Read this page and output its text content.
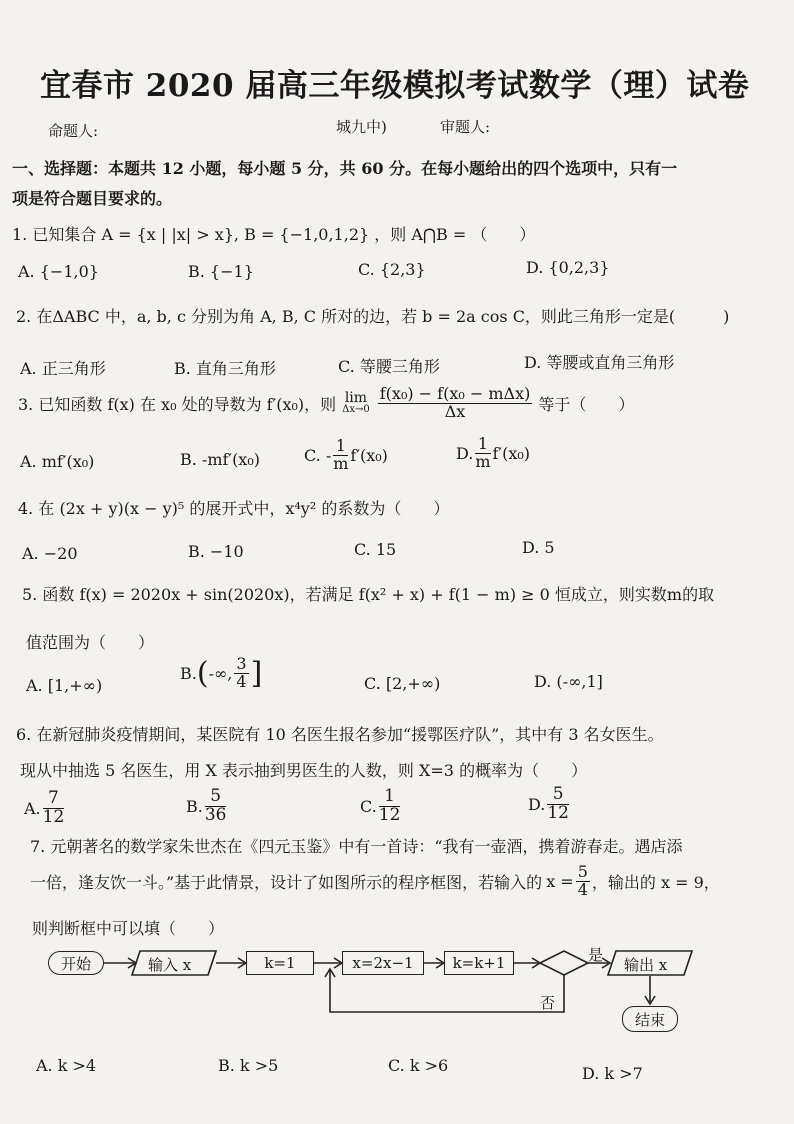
宜春市 2020 届高三年级模拟考试数学（理）试卷
命题人:	城九中)	审题人:
一、选择题：本题共 12 小题，每小题 5 分，共 60 分。在每小题给出的四个选项中，只有一
项是符合题目要求的。
1. 已知集合 A = {x | |x| > x}, B = {−1,0,1,2} ，则 A⋂B = （　　）
A. {−1,0}	B. {−1}	C. {2,3}	D. {0,2,3}
2. 在ΔABC 中，a, b, c 分别为角 A, B, C 所对的边，若 b = 2a cos C，则此三角形一定是(　　　)
A. 正三角形	B. 直角三角形	C. 等腰三角形	D. 等腰或直角三角形
3. 已知函数 f(x) 在 x₀ 处的导数为 f′(x₀)，则 lim
$\Delta x\to 0 \frac{\text{f(x₀) − f(x₀ − mΔx)}}{\Delta x}$ 等于（　　）
A. mf′(x₀)	B. -mf′(x₀)	C. - $\frac{1}{m} f'(x_0)$	D. $\frac{1}{m} f'(x_0)$
4. 在 (2x + y)(x − y)⁵ 的展开式中，x⁴y² 的系数为（　　）
A. −20	B. −10	C. 15	D. 5
5. 函数 f(x) = 2020x + sin(2020x)，若满足 f(x² + x) + f(1 − m) ≥ 0 恒成立，则实数m的取
值范围为（　　）
A. [1,+∞)
B. ( -∞, $\frac{3}{4}$ ]	C. [2,+∞)	D. (-∞,1]
6. 在新冠肺炎疫情期间，某医院有 10 名医生报名参加“援鄂医疗队”，其中有 3 名女医生。
现从中抽选 5 名医生，用 X 表示抽到男医生的人数，则 X=3 的概率为（　　）
A. $\frac{7}{12}$	B. $\frac{5}{36}$	C. $\frac{1}{12}$	D. $\frac{5}{12}$
7. 元朝著名的数学家朱世杰在《四元玉鉴》中有一首诗：“我有一壶酒，携着游春走。遇店添
一倍，逢友饮一斗。”基于此情景，设计了如图所示的程序框图，若输入的 $x = \frac{5}{4}$ ，输出的 x = 9，
则判断框中可以填（　　）
开始	输入 x	k=1	x=2x−1	k=k+1	是
否
输出 x
结束
A. k >4	B. k >5	C. k >6	D. k >7
